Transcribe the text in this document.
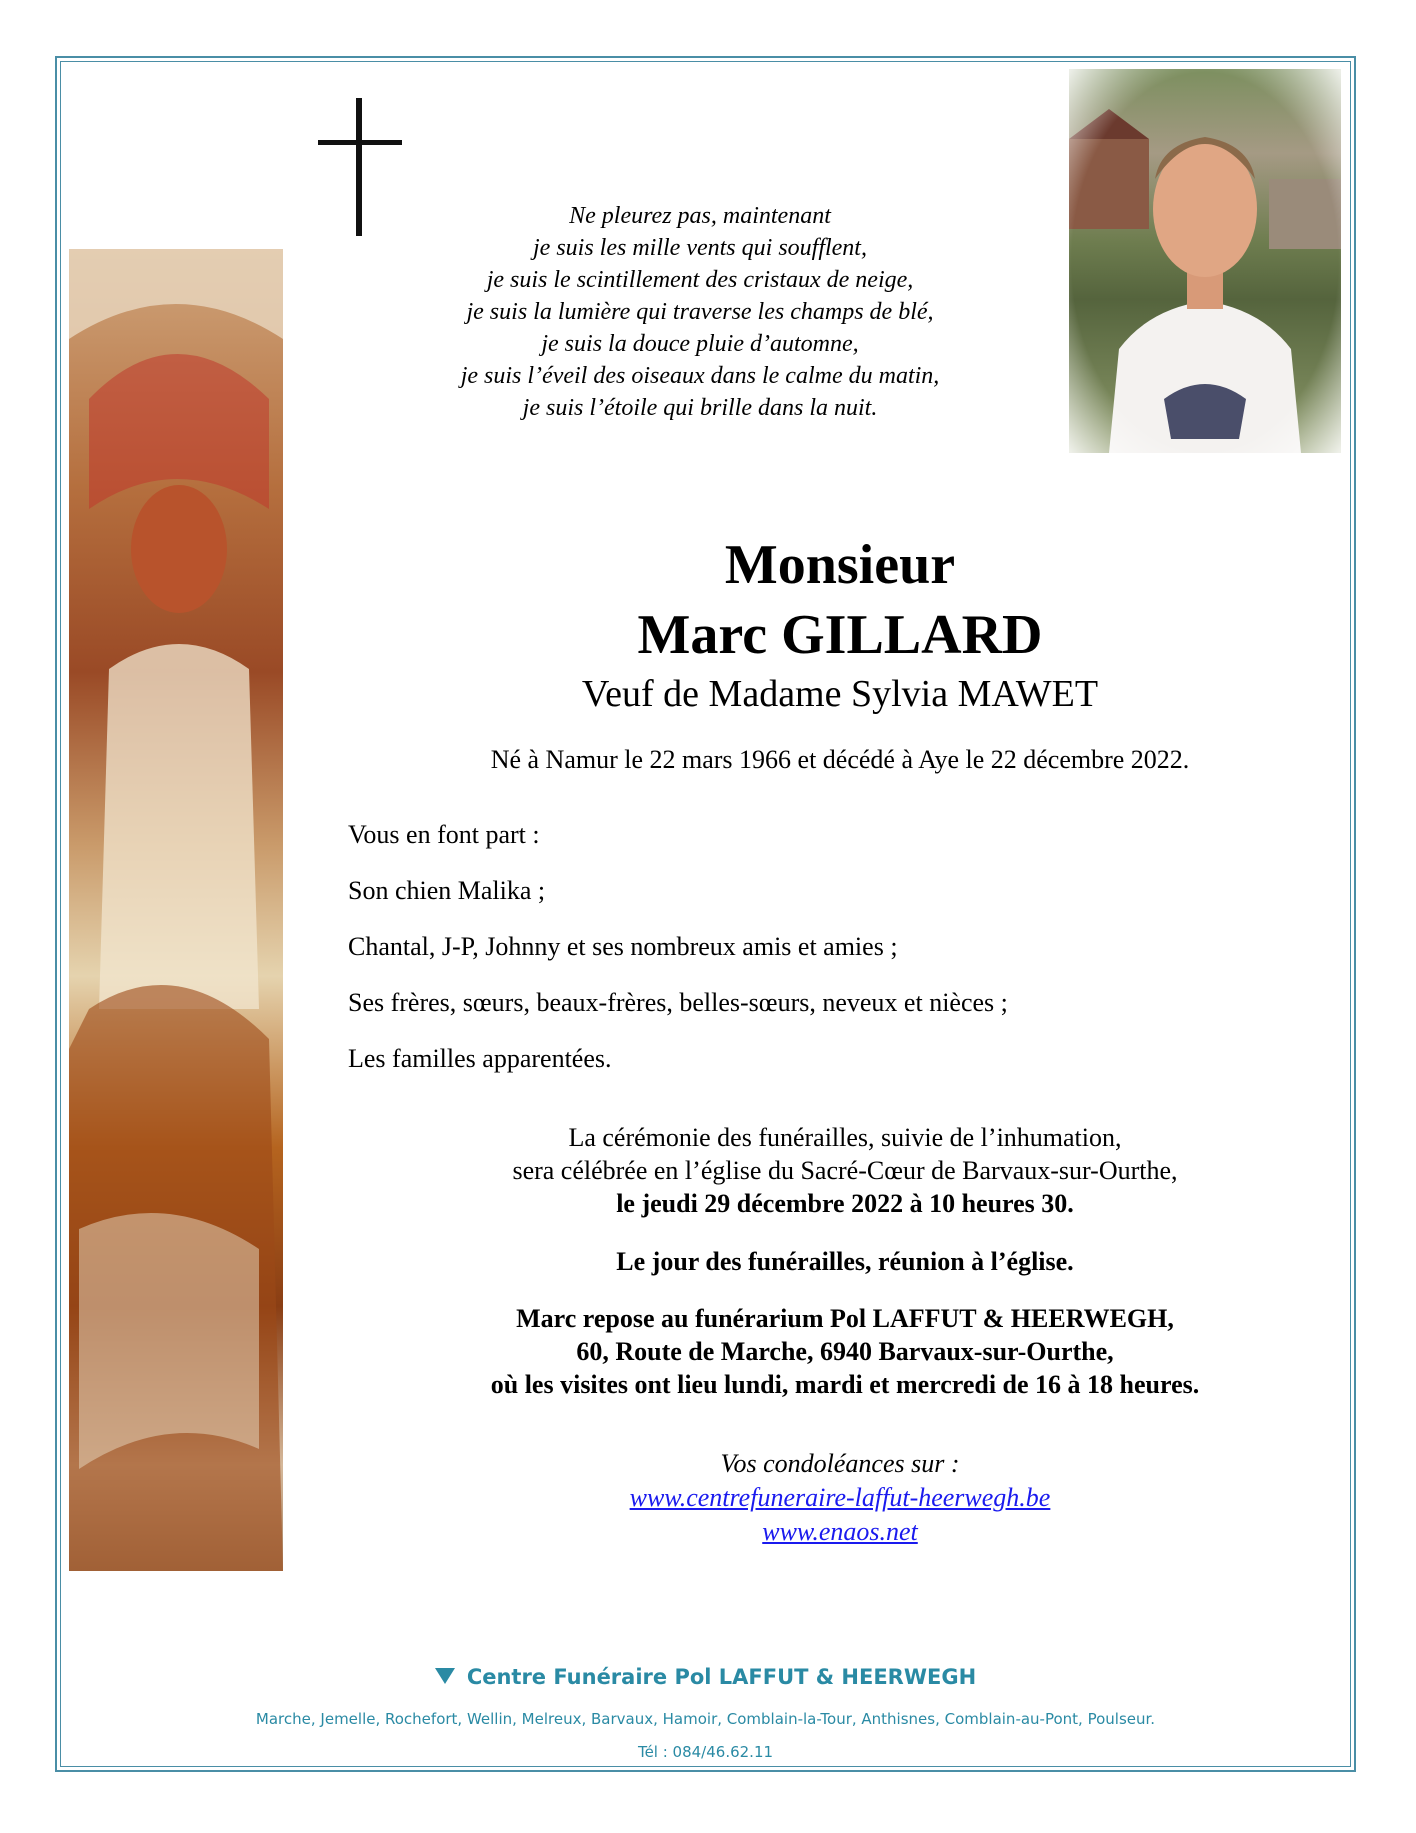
Ne pleurez pas, maintenant
je suis les mille vents qui soufflent,
je suis le scintillement des cristaux de neige,
je suis la lumière qui traverse les champs de blé,
je suis la douce pluie d’automne,
je suis l’éveil des oiseaux dans le calme du matin,
je suis l’étoile qui brille dans la nuit.
Monsieur
Marc GILLARD
Veuf de Madame Sylvia MAWET
Né à Namur le 22 mars 1966 et décédé à Aye le 22 décembre 2022.
Vous en font part :
Son chien Malika ;
Chantal, J-P, Johnny et ses nombreux amis et amies ;
Ses frères, sœurs, beaux-frères, belles-sœurs, neveux et nièces ;
Les familles apparentées.
La cérémonie des funérailles, suivie de l’inhumation,
sera célébrée en l’église du Sacré-Cœur de Barvaux-sur-Ourthe,
le jeudi 29 décembre 2022 à 10 heures 30.
Le jour des funérailles, réunion à l’église.
Marc repose au funérarium Pol LAFFUT & HEERWEGH,
60, Route de Marche, 6940 Barvaux-sur-Ourthe,
où les visites ont lieu lundi, mardi et mercredi de 16 à 18 heures.
Vos condoléances sur :
www.centrefuneraire-laffut-heerwegh.be
www.enaos.net
Centre Funéraire Pol LAFFUT & HEERWEGH
Marche, Jemelle, Rochefort, Wellin, Melreux, Barvaux, Hamoir, Comblain-la-Tour, Anthisnes, Comblain-au-Pont, Poulseur.
Tél : 084/46.62.11
